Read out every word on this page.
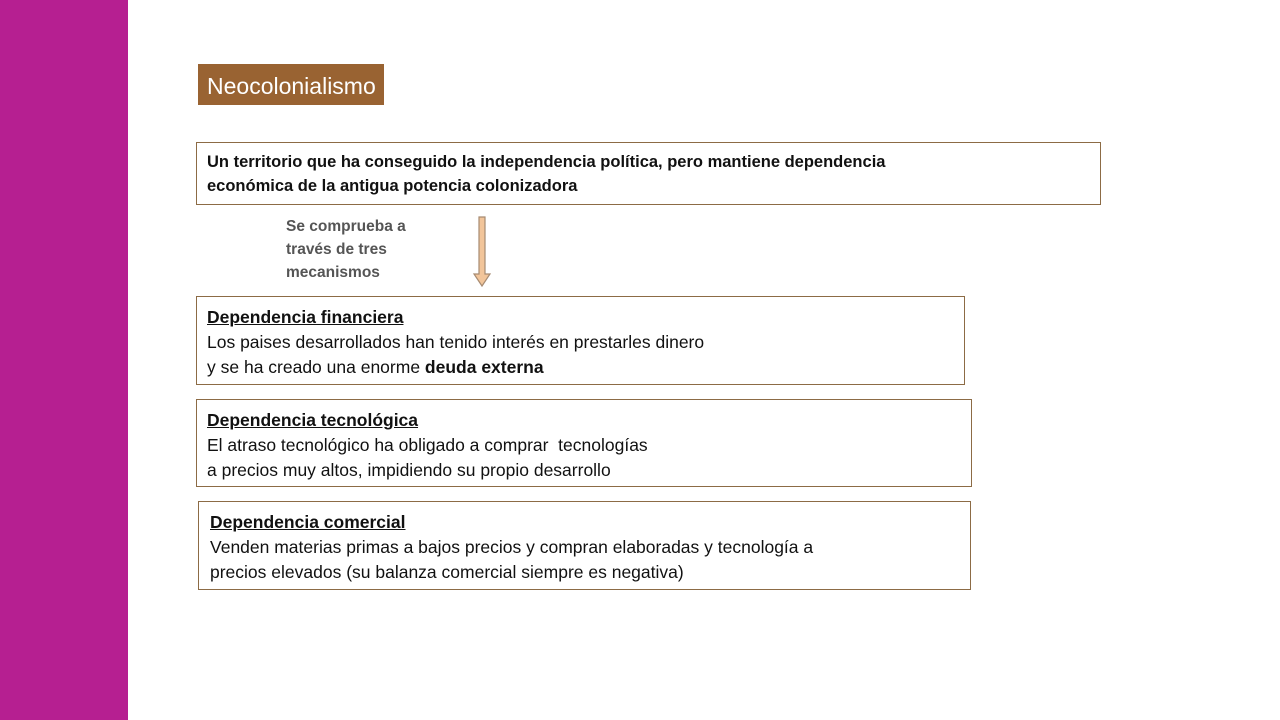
Neocolonialismo
Un territorio que ha conseguido la independencia política, pero mantiene dependencia
económica de la antigua potencia colonizadora
Se comprueba a
través de tres
mecanismos
Dependencia financiera
Los paises desarrollados han tenido interés en prestarles dinero
y se ha creado una enorme deuda externa
Dependencia tecnológica
El atraso tecnológico ha obligado a comprar  tecnologías
a precios muy altos, impidiendo su propio desarrollo
Dependencia comercial
Venden materias primas a bajos precios y compran elaboradas y tecnología a
precios elevados (su balanza comercial siempre es negativa)
